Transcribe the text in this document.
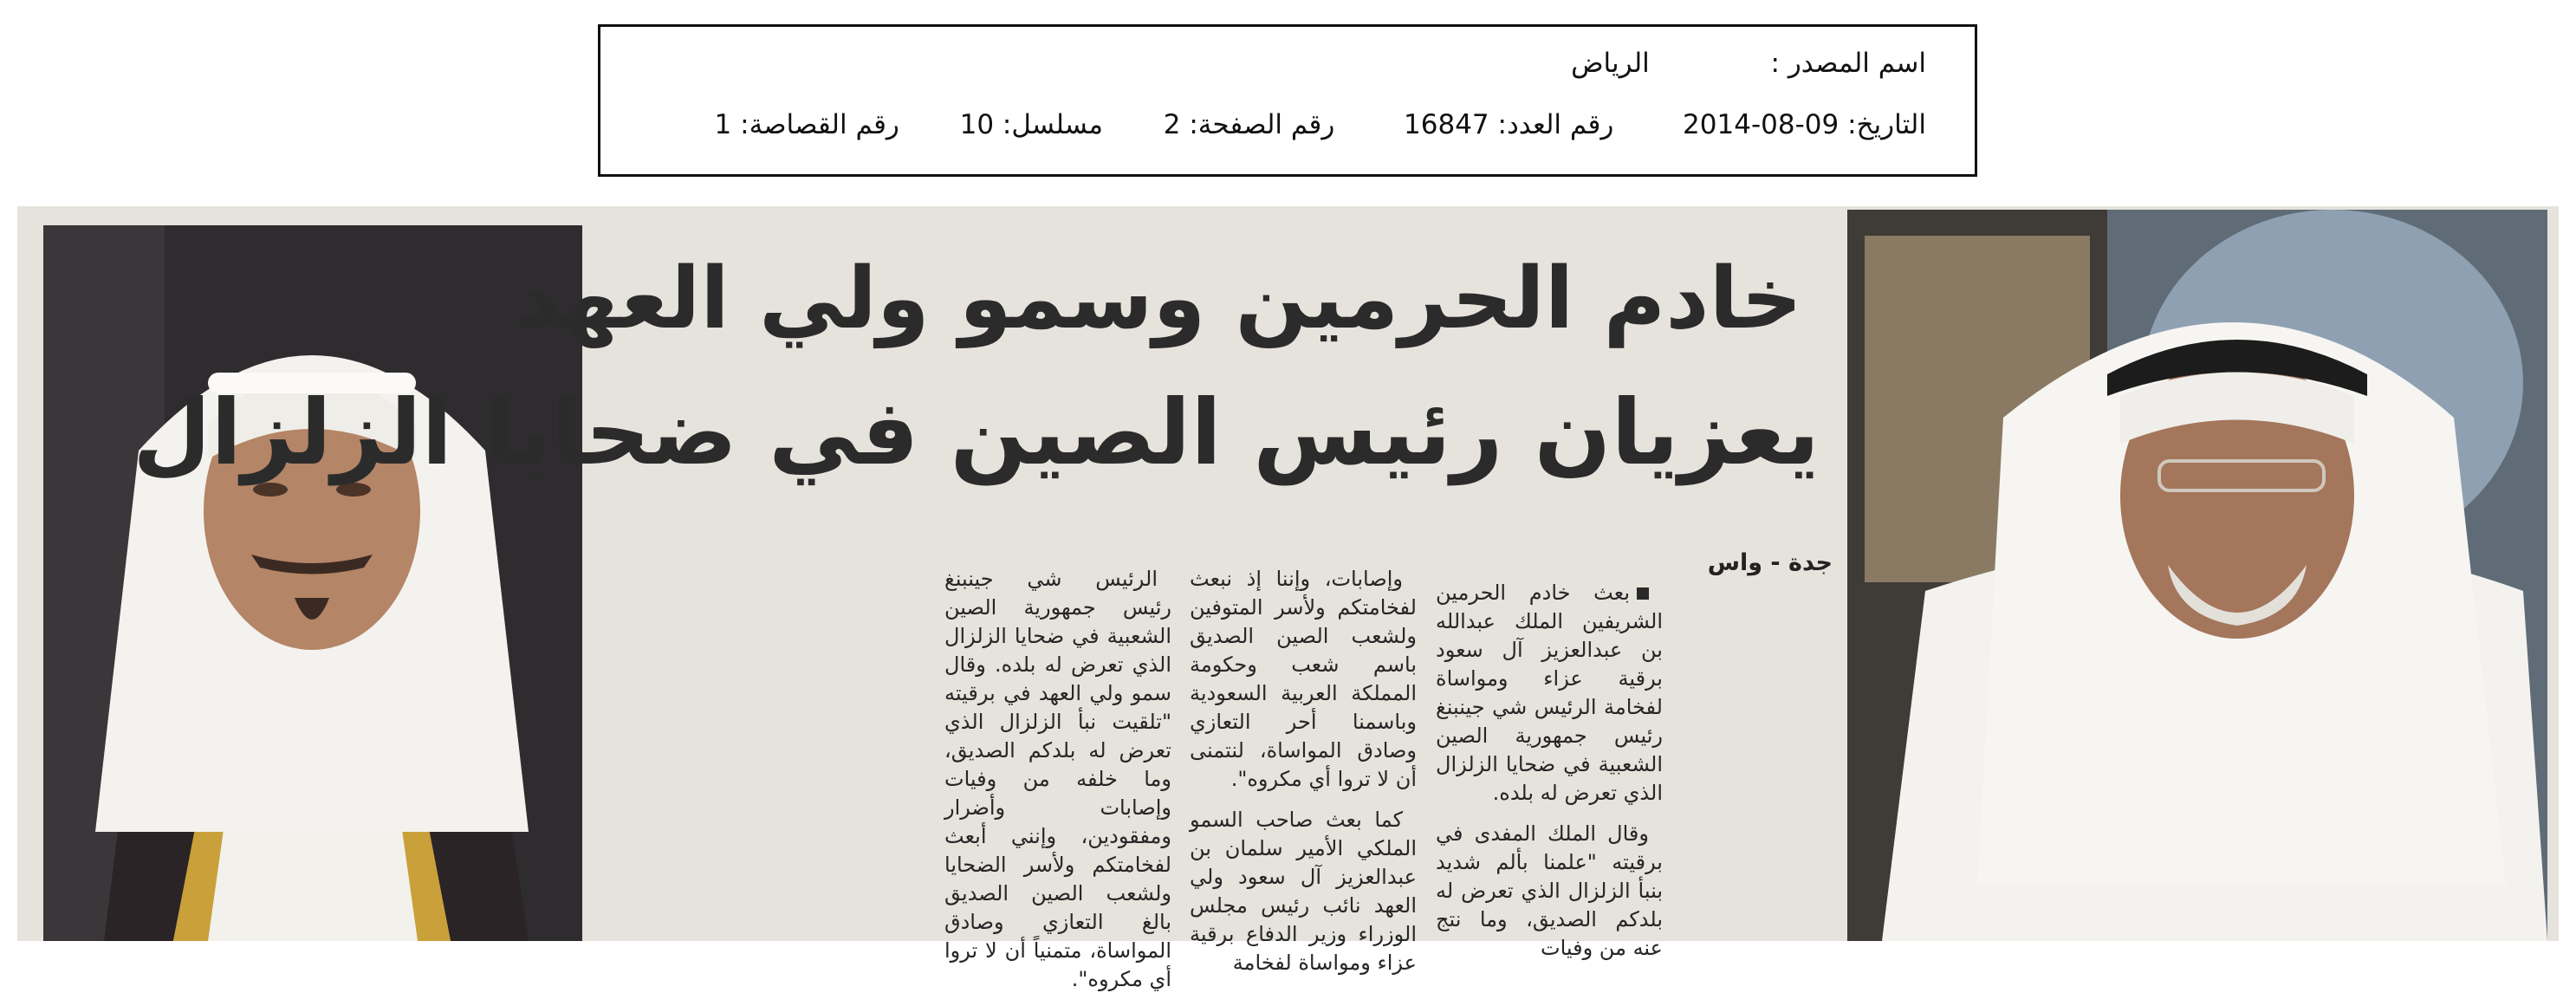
اسم المصدر :  الرياض
التاريخ: 2014-08-09  رقم العدد: 16847  رقم الصفحة: 2  مسلسل: 10  رقم القصاصة: 1
خادم الحرمين وسمو ولي العهد
يعزيان رئيس الصين في ضحايا الزلزال
جدة - واس

بعث خادم الحرمين الشريفين الملك عبدالله بن عبدالعزيز آل سعود برقية عزاء ومواساة لفخامة الرئيس شي جينبنغ رئيس جمهورية الصين الشعبية في ضحايا الزلزال الذي تعرض له بلده.

وقال الملك المفدى في برقيته "علمنا بألم شديد بنبأ الزلزال الذي تعرض له بلدكم الصديق، وما نتج عنه من وفيات

وإصابات، وإننا إذ نبعث لفخامتكم ولأسر المتوفين ولشعب الصين الصديق باسم شعب وحكومة المملكة العربية السعودية وباسمنا أحر التعازي وصادق المواساة، لنتمنى أن لا تروا أي مكروه".

كما بعث صاحب السمو الملكي الأمير سلمان بن عبدالعزيز آل سعود ولي العهد نائب رئيس مجلس الوزراء وزير الدفاع برقية عزاء ومواساة لفخامة

الرئيس شي جينبنغ رئيس جمهورية الصين الشعبية في ضحايا الزلزال الذي تعرض له بلده. وقال سمو ولي العهد في برقيته "تلقيت نبأ الزلزال الذي تعرض له بلدكم الصديق، وما خلفه من وفيات وإصابات وأضرار ومفقودين، وإنني أبعث لفخامتكم ولأسر الضحايا ولشعب الصين الصديق بالغ التعازي وصادق المواساة، متمنياً أن لا تروا أي مكروه".
